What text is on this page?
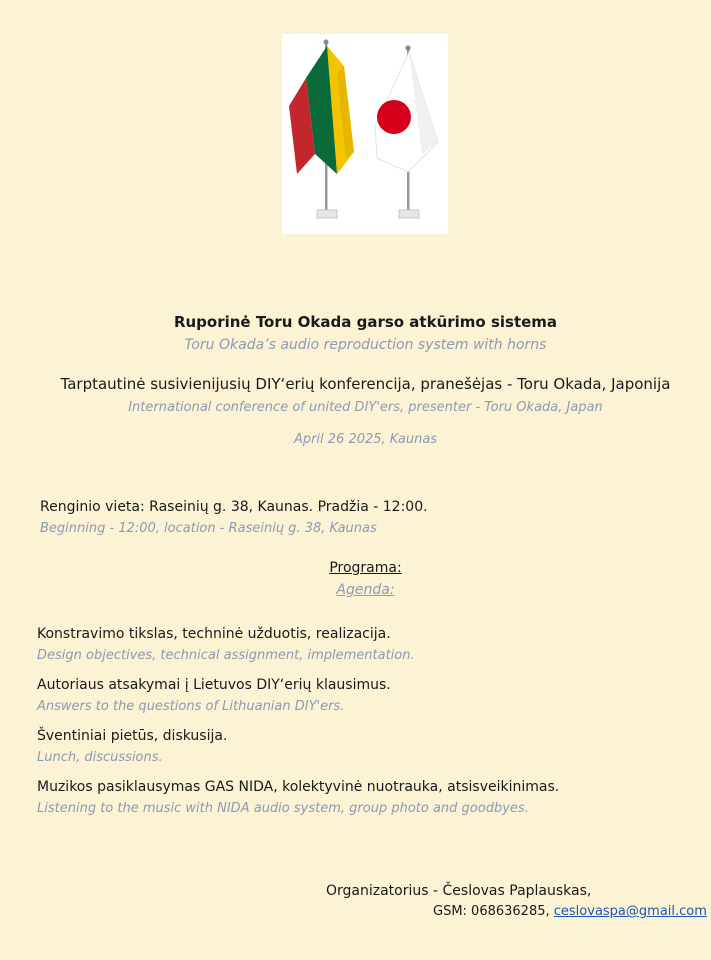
Ruporinė Toru Okada garso atkūrimo sistema
Toru Okada’s audio reproduction system with horns
Tarptautinė susivienijusių DIY‘erių konferencija, pranešėjas - Toru Okada, Japonija
International conference of united DIY'ers, presenter - Toru Okada, Japan
April 26 2025, Kaunas
Renginio vieta: Raseinių g. 38, Kaunas. Pradžia - 12:00.
Beginning - 12:00, location - Raseinių g. 38, Kaunas
Programa:
Agenda:
Konstravimo tikslas, techninė užduotis, realizacija.
Design objectives, technical assignment, implementation.
Autoriaus atsakymai į Lietuvos DIY‘erių klausimus.
Answers to the questions of Lithuanian DIY'ers.
Šventiniai pietūs, diskusija.
Lunch, discussions.
Muzikos pasiklausymas GAS NIDA, kolektyvinė nuotrauka, atsisveikinimas.
Listening to the music with NIDA audio system, group photo and goodbyes.
Organizatorius - Česlovas Paplauskas,
GSM: 068636285, ceslovaspa@gmail.com
